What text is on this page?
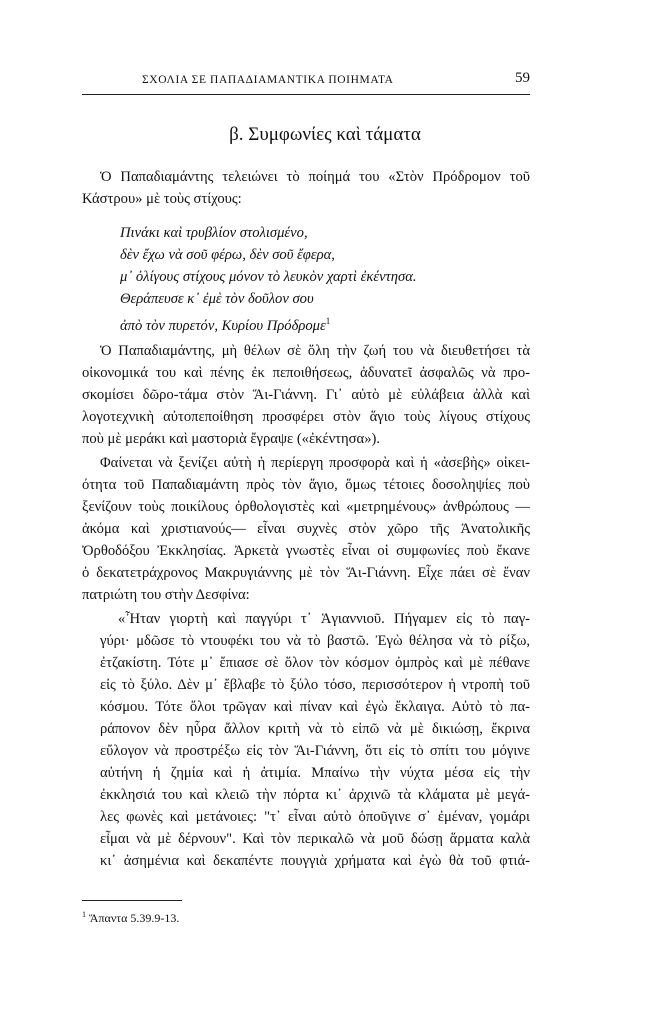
ΣΧΟΛΙΑ ΣΕ ΠΑΠΑΔΙΑΜΑΝΤΙΚΑ ΠΟΙΗΜΑΤΑ	59
β. Συμφωνίες καὶ τάματα
Ὁ Παπαδιαμάντης τελειώνει τὸ ποίημά του «Στὸν Πρόδρομον τοῦ
Κάστρου» μὲ τοὺς στίχους:
Πινάκι καὶ τρυβλίον στολισμένο,
δὲν ἔχω νὰ σοῦ φέρω, δὲν σοῦ ἔφερα,
μ᾽ ὀλίγους στίχους μόνον τὸ λευκὸν χαρτὶ ἐκέντησα.
Θεράπευσε κ᾽ ἐμὲ τὸν δοῦλον σου
ἀπὸ τὸν πυρετόν, Κυρίου Πρόδρομε$^1$
Ὁ Παπαδιαμάντης, μὴ θέλων σὲ ὅλη τὴν ζωή του νὰ διευθετήσει τὰ
οἰκονομικά του καὶ πένης ἐκ πεποιθήσεως, ἀδυνατεῖ ἀσφαλῶς νὰ προ-
σκομίσει δῶρο-τάμα στὸν Ἅι-Γιάννη. Γι᾽ αὐτὸ μὲ εὐλάβεια ἀλλὰ καὶ
λογοτεχνικὴ αὐτοπεποίθηση προσφέρει στὸν ἅγιο τοὺς λίγους στίχους
ποὺ μὲ μεράκι καὶ μαστοριὰ ἔγραψε («ἐκέντησα»).
Φαίνεται νὰ ξενίζει αὐτὴ ἡ περίεργη προσφορὰ καὶ ἡ «ἀσεβὴς» οἰκει-
ότητα τοῦ Παπαδιαμάντη πρὸς τὸν ἅγιο, ὅμως τέτοιες δοσοληψίες ποὺ
ξενίζουν τοὺς ποικίλους ὀρθολογιστὲς καὶ «μετρημένους» ἀνθρώπους —
ἀκόμα καὶ χριστιανούς— εἶναι συχνὲς στὸν χῶρο τῆς Ἀνατολικῆς
Ὀρθοδόξου Ἐκκλησίας. Ἀρκετὰ γνωστὲς εἶναι οἱ συμφωνίες ποὺ ἔκανε
ὁ δεκατετράχρονος Μακρυγιάννης μὲ τὸν Ἅι-Γιάννη. Εἶχε πάει σὲ ἕναν
πατριώτη του στὴν Δεσφίνα:
«Ἦταν γιορτὴ καὶ παγγύρι τ᾽ Ἁγιαννιοῦ. Πήγαμεν εἰς τὸ παγ-
γύρι· μδῶσε τὸ ντουφέκι του νὰ τὸ βαστῶ. Ἐγὼ θέλησα νὰ τὸ ρίξω,
ἐτζακίστη. Τότε μ᾽ ἔπιασε σὲ ὅλον τὸν κόσμον ὀμπρὸς καὶ μὲ πέθανε
εἰς τὸ ξύλο. Δὲν μ᾽ ἔβλαβε τὸ ξύλο τόσο, περισσότερον ἡ ντροπὴ τοῦ
κόσμου. Τότε ὅλοι τρῶγαν καὶ πίναν καὶ ἐγὼ ἔκλαιγα. Αὐτὸ τὸ πα-
ράπονον δὲν ηὗρα ἄλλον κριτὴ νὰ τὸ εἰπῶ νὰ μὲ δικιώσῃ, ἔκρινα
εὔλογον νὰ προστρέξω εἰς τὸν Ἅι-Γιάννη, ὅτι εἰς τὸ σπίτι του μόγινε
αὐτήνη ἡ ζημία καὶ ἡ ἀτιμία. Μπαίνω τὴν νύχτα μέσα εἰς τὴν
ἐκκλησιά του καὶ κλειῶ τὴν πόρτα κι᾽ ἀρχινῶ τὰ κλάματα μὲ μεγά-
λες φωνὲς καὶ μετάνοιες: "τ᾽ εἶναι αὐτὸ ὁπoῦγινε σ᾽ ἐμέναν, γομάρι
εἶμαι νὰ μὲ δέρνουν". Καὶ τὸν περικαλῶ νὰ μοῦ δώσῃ ἅρματα καλὰ
κι᾽ ἀσημένια καὶ δεκαπέντε πουγγιὰ χρήματα καὶ ἐγὼ θὰ τοῦ φτιά-
$^1$ Ἅπαντα 5.39.9-13.
